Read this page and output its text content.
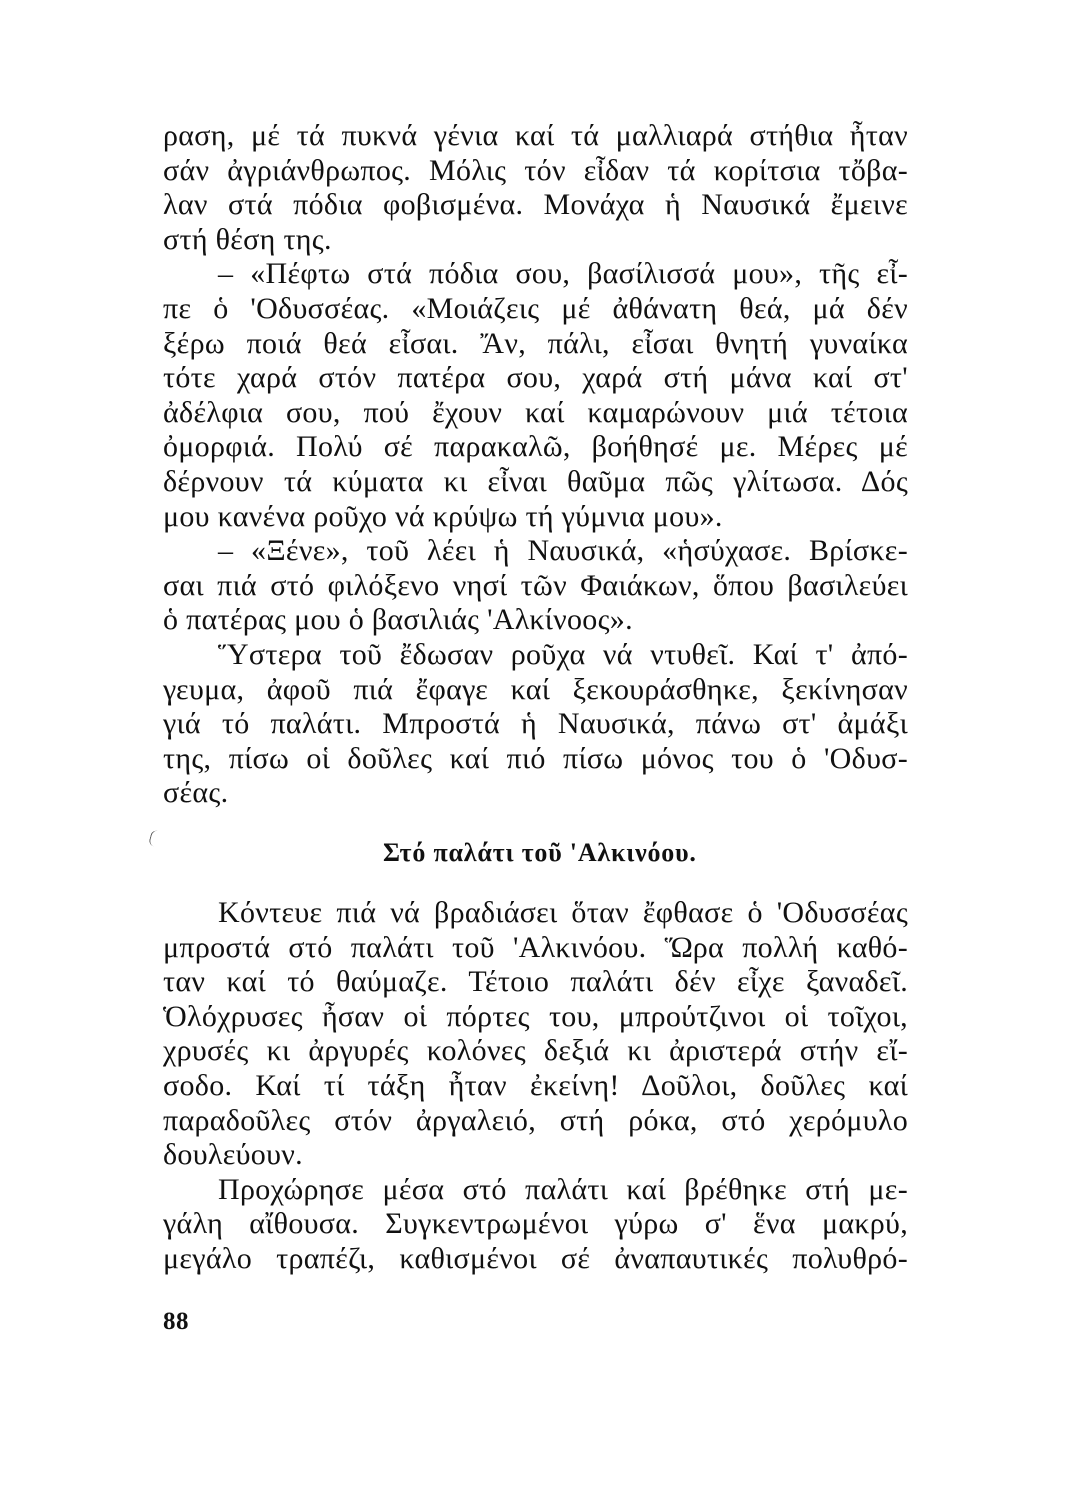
ραση, μέ τά πυκνά γένια καί τά μαλλιαρά στήθια ἦταν
σάν ἀγριάνθρωπος. Μόλις τόν εἶδαν τά κορίτσια τὄβα-
λαν στά πόδια φοβισμένα. Μονάχα ἡ Ναυσικά ἔμεινε
στή θέση της.
– «Πέφτω στά πόδια σου, βασίλισσά μου», τῆς εἶ-
πε ὁ 'Οδυσσέας. «Μοιάζεις μέ ἀθάνατη θεά, μά δέν
ξέρω ποιά θεά εἶσαι. Ἄν, πάλι, εἶσαι θνητή γυναίκα
τότε χαρά στόν πατέρα σου, χαρά στή μάνα καί στ'
ἀδέλφια σου, πού ἔχουν καί καμαρώνουν μιά τέτοια
ὀμορφιά. Πολύ σέ παρακαλῶ, βοήθησέ με. Μέρες μέ
δέρνουν τά κύματα κι εἶναι θαῦμα πῶς γλίτωσα. Δός
μου κανένα ροῦχο νά κρύψω τή γύμνια μου».
– «Ξένε», τοῦ λέει ἡ Ναυσικά, «ἡσύχασε. Βρίσκε-
σαι πιά στό φιλόξενο νησί τῶν Φαιάκων, ὅπου βασιλεύει
ὁ πατέρας μου ὁ βασιλιάς 'Αλκίνοος».
Ὕστερα τοῦ ἔδωσαν ροῦχα νά ντυθεῖ. Καί τ' ἀπό-
γευμα, ἀφοῦ πιά ἔφαγε καί ξεκουράσθηκε, ξεκίνησαν
γιά τό παλάτι. Μπροστά ἡ Ναυσικά, πάνω στ' ἀμάξι
της, πίσω οἱ δοῦλες καί πιό πίσω μόνος του ὁ 'Οδυσ-
σέας.
Στό παλάτι τοῦ 'Αλκινόου.
Κόντευε πιά νά βραδιάσει ὅταν ἔφθασε ὁ 'Οδυσσέας
μπροστά στό παλάτι τοῦ 'Αλκινόου. Ὥρα πολλή καθό-
ταν καί τό θαύμαζε. Τέτοιο παλάτι δέν εἶχε ξαναδεῖ.
Ὁλόχρυσες ἦσαν οἱ πόρτες του, μπρούτζινοι οἱ τοῖχοι,
χρυσές κι ἀργυρές κολόνες δεξιά κι ἀριστερά στήν εἴ-
σοδο. Καί τί τάξη ἦταν ἐκείνη! Δοῦλοι, δοῦλες καί
παραδοῦλες στόν ἀργαλειό, στή ρόκα, στό χερόμυλο
δουλεύουν.
Προχώρησε μέσα στό παλάτι καί βρέθηκε στή με-
γάλη αἴθουσα. Συγκεντρωμένοι γύρω σ' ἕνα μακρύ,
μεγάλο τραπέζι, καθισμένοι σέ ἀναπαυτικές πολυθρό-
88
